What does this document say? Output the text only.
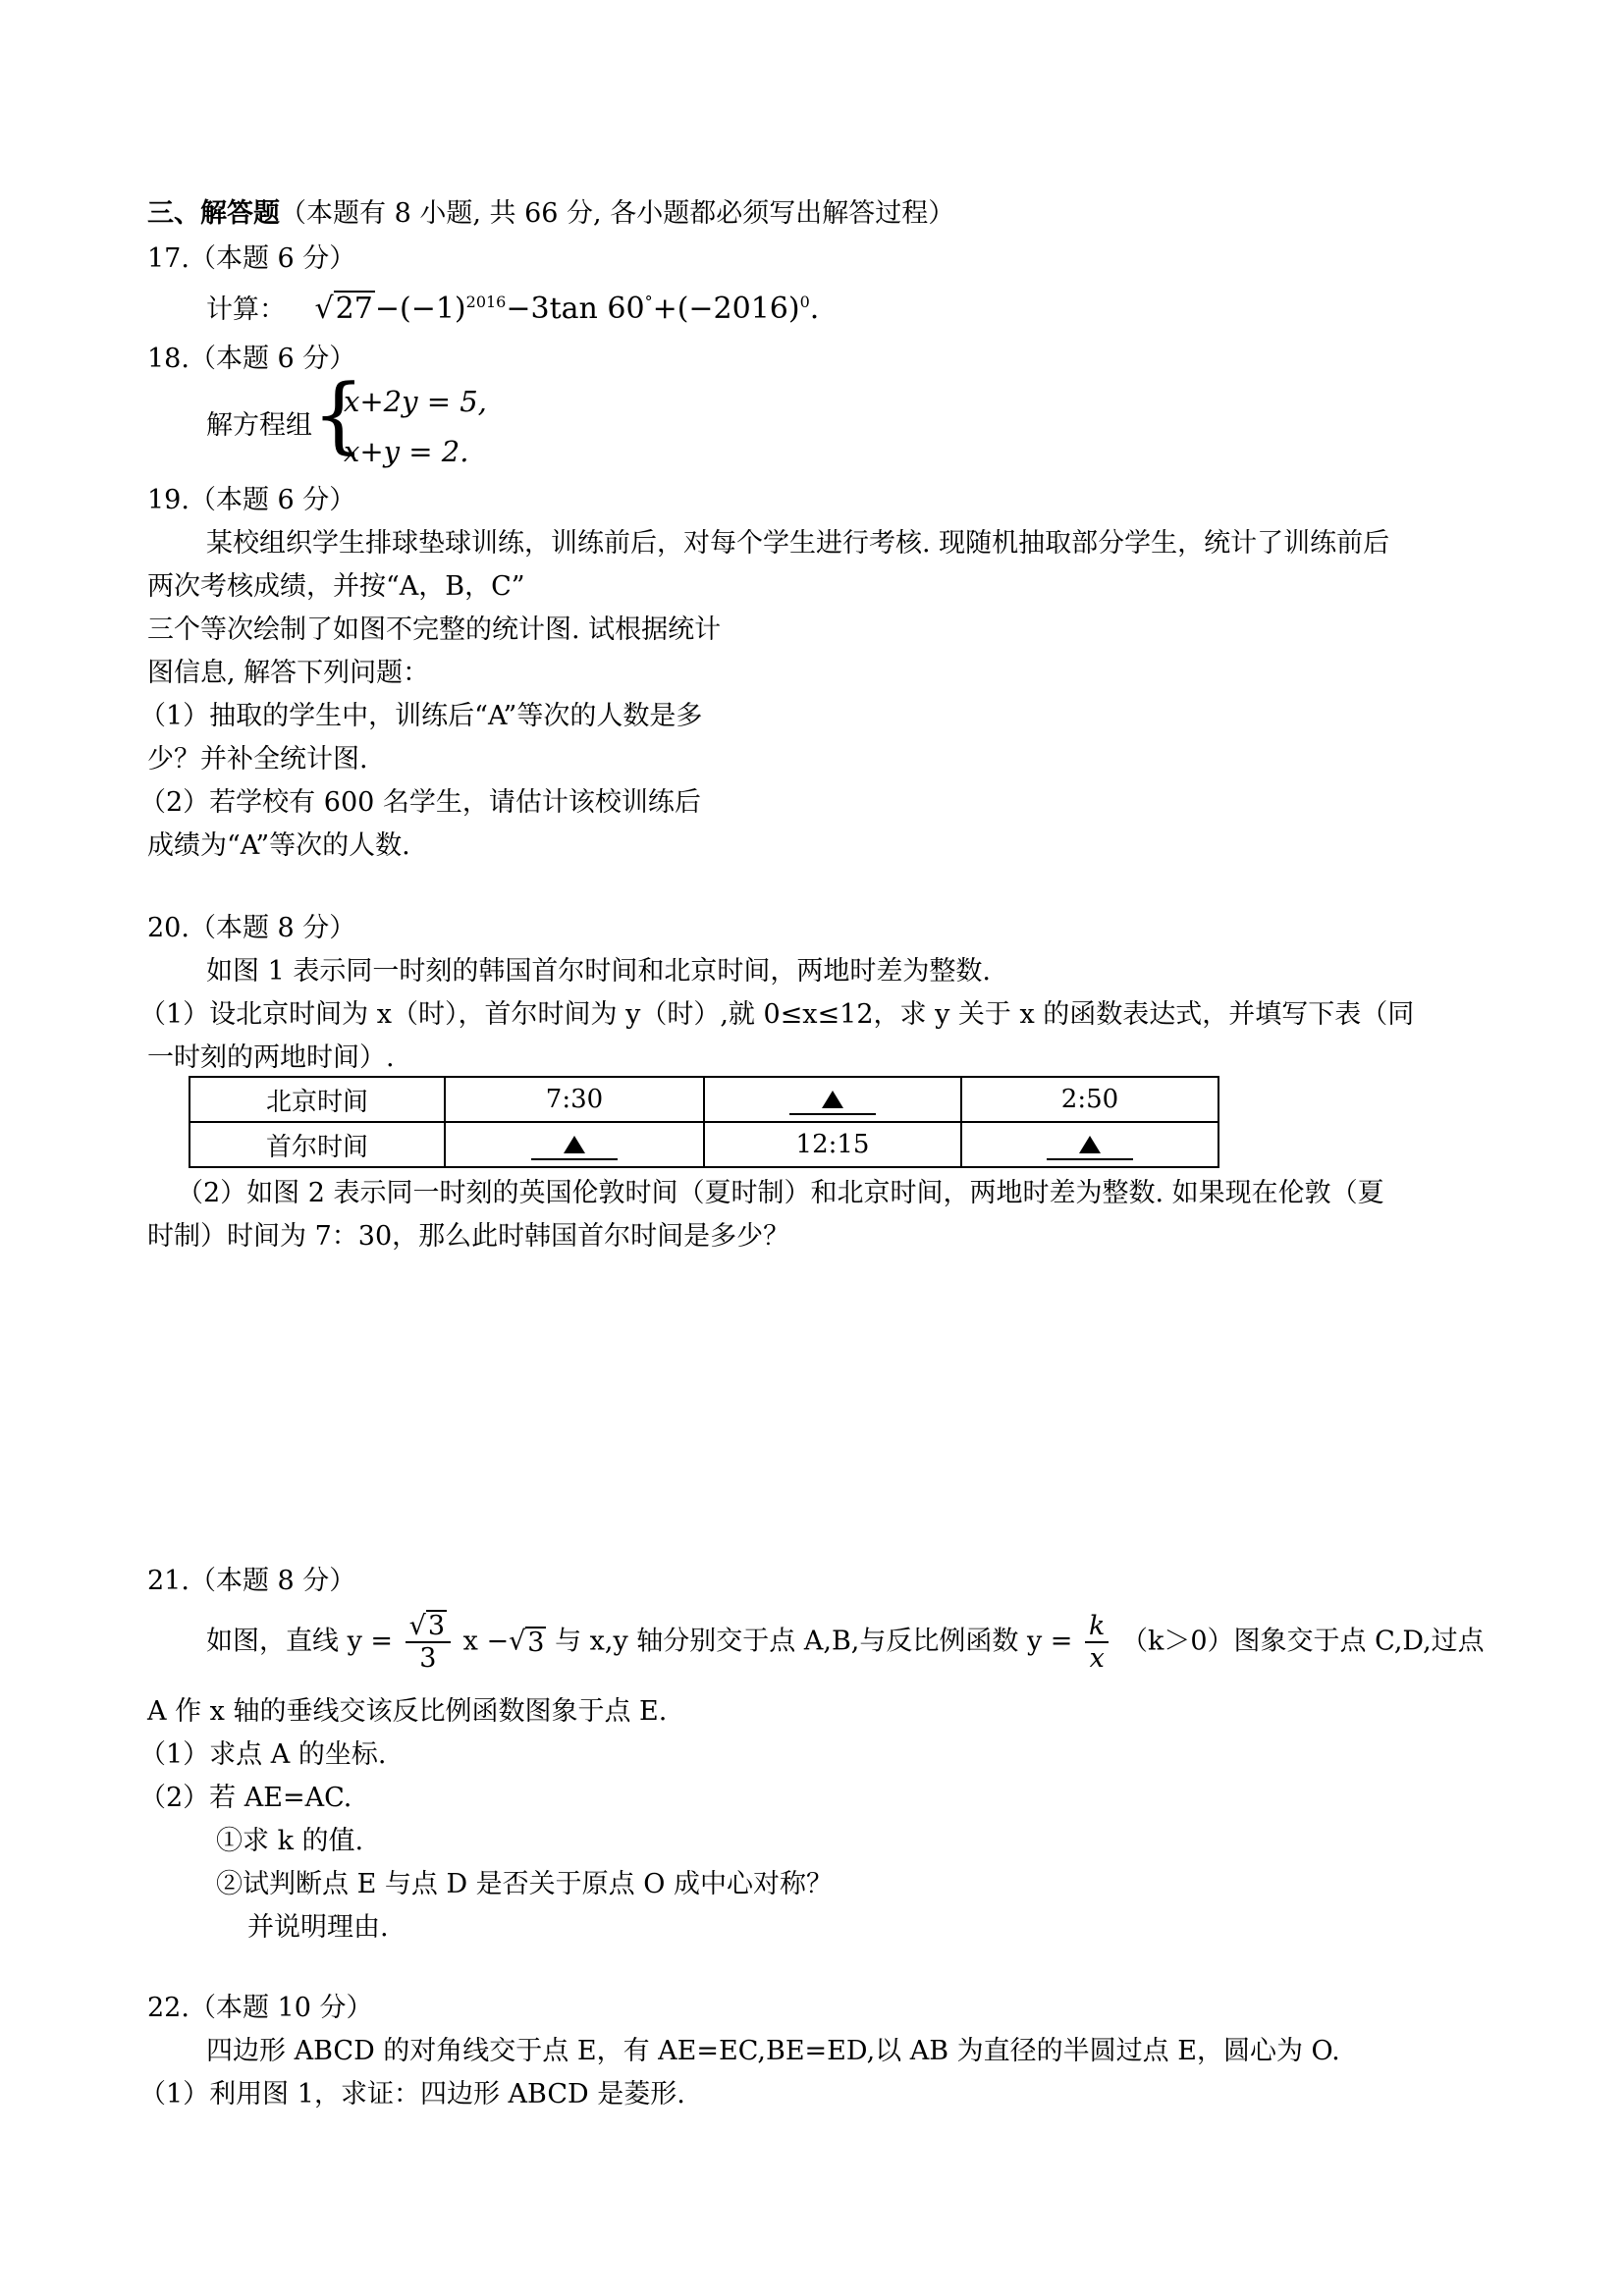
三、解答题（本题有 8 小题, 共 66 分, 各小题都必须写出解答过程）
17.（本题 6 分）
计算： $√27-(-1)^{2016}-3\tan$ $60^\circ+(-2016)^0$.
18.（本题 6 分）
解方程组 {
x+2y = 5,
x+y = 2.
19.（本题 6 分）
某校组织学生排球垫球训练，训练前后，对每个学生进行考核. 现随机抽取部分学生，统计了训练前后
两次考核成绩，并按“A，B，C”
三个等次绘制了如图不完整的统计图. 试根据统计
图信息, 解答下列问题：
（1）抽取的学生中，训练后“A”等次的人数是多
少？并补全统计图.
（2）若学校有 600 名学生，请估计该校训练后
成绩为“A”等次的人数.
20.（本题 8 分）
如图 1 表示同一时刻的韩国首尔时间和北京时间，两地时差为整数.
（1）设北京时间为 x（时），首尔时间为 y（时）,就 0≤x≤12，求 y 关于 x 的函数表达式，并填写下表（同
一时刻的两地时间）.
北京时间	7:30		2:50
首尔时间		12:15	
（2）如图 2 表示同一时刻的英国伦敦时间（夏时制）和北京时间，两地时差为整数. 如果现在伦敦（夏
时制）时间为 7：30，那么此时韩国首尔时间是多少？
21.（本题 8 分）
如图，直线 $y = \frac{√3}{3}$ x −√3 与 x,y 轴分别交于点 A,B,与反比例函数 $y = \frac{k}{x} (k>0)$图象交于点 C,D,过点
A 作 x 轴的垂线交该反比例函数图象于点 E.
（1）求点 A 的坐标.
（2）若 AE=AC.
①求 k 的值.
②试判断点 E 与点 D 是否关于原点 O 成中心对称？
并说明理由.
22.（本题 10 分）
四边形 ABCD 的对角线交于点 E，有 AE=EC,BE=ED,以 AB 为直径的半圆过点 E，圆心为 O.
（1）利用图 1，求证：四边形 ABCD 是菱形.
